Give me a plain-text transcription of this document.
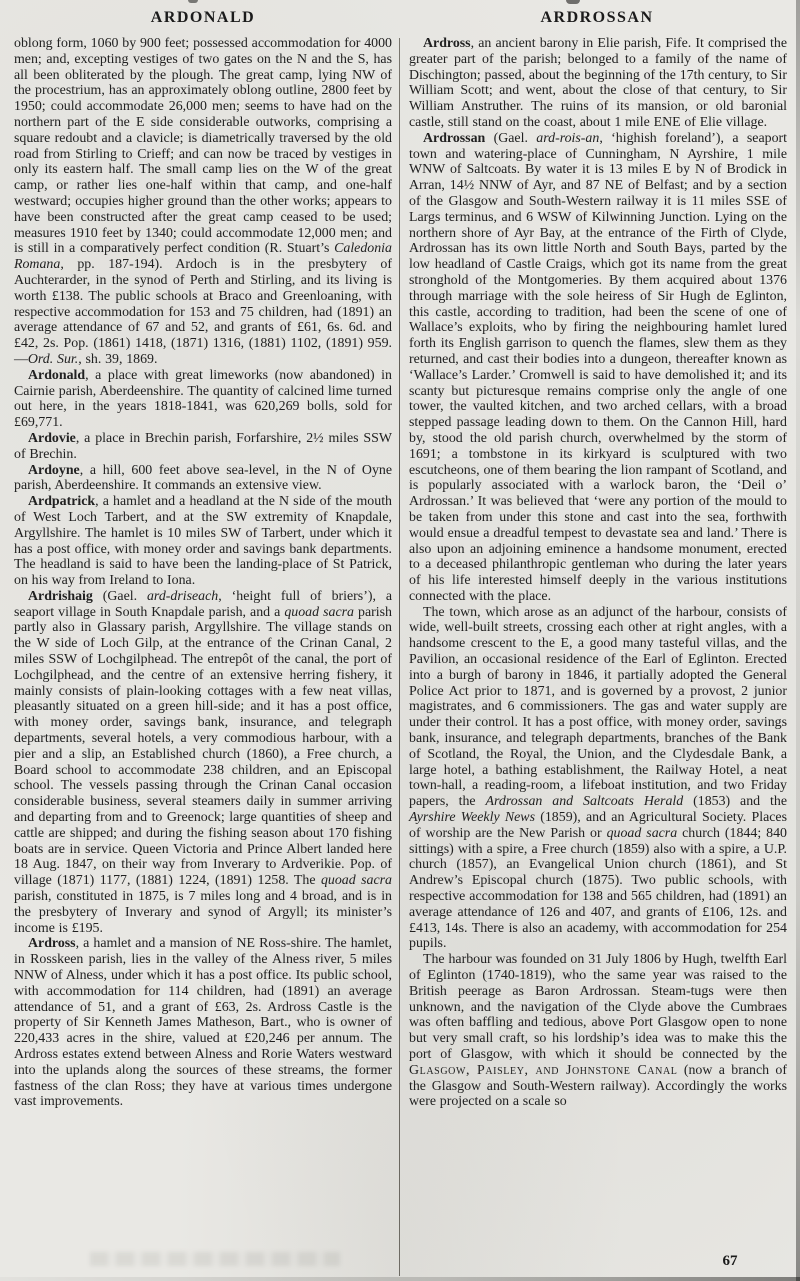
ARDONALD	ARDROSSAN

oblong form, 1060 by 900 feet; possessed accommodation for 4000 men; and, excepting vestiges of two gates on the N and the S, has all been obliterated by the plough. The great camp, lying NW of the procestrium, has an approximately oblong outline, 2800 feet by 1950; could accommodate 26,000 men; seems to have had on the northern part of the E side considerable outworks, comprising a square redoubt and a clavicle; is diametrically traversed by the old road from Stirling to Crieff; and can now be traced by vestiges in only its eastern half. The small camp lies on the W of the great camp, or rather lies one-half within that camp, and one-half westward; occupies higher ground than the other works; appears to have been constructed after the great camp ceased to be used; measures 1910 feet by 1340; could accommodate 12,000 men; and is still in a comparatively perfect condition (R. Stuart’s Caledonia Romana, pp. 187-194). Ardoch is in the presbytery of Auchterarder, in the synod of Perth and Stirling, and its living is worth £138. The public schools at Braco and Greenloaning, with respective accommodation for 153 and 75 children, had (1891) an average attendance of 67 and 52, and grants of £61, 6s. 6d. and £42, 2s. Pop. (1861) 1418, (1871) 1316, (1881) 1102, (1891) 959.—Ord. Sur., sh. 39, 1869.

Ardonald, a place with great limeworks (now abandoned) in Cairnie parish, Aberdeenshire. The quantity of calcined lime turned out here, in the years 1818-1841, was 620,269 bolls, sold for £69,771.

Ardovie, a place in Brechin parish, Forfarshire, 2½ miles SSW of Brechin.

Ardoyne, a hill, 600 feet above sea-level, in the N of Oyne parish, Aberdeenshire. It commands an extensive view.

Ardpatrick, a hamlet and a headland at the N side of the mouth of West Loch Tarbert, and at the SW extremity of Knapdale, Argyllshire. The hamlet is 10 miles SW of Tarbert, under which it has a post office, with money order and savings bank departments. The headland is said to have been the landing-place of St Patrick, on his way from Ireland to Iona.

Ardrishaig (Gael. ard-driseach, ‘height full of briers’), a seaport village in South Knapdale parish, and a quoad sacra parish partly also in Glassary parish, Argyllshire. The village stands on the W side of Loch Gilp, at the entrance of the Crinan Canal, 2 miles SSW of Lochgilphead. The entrepôt of the canal, the port of Lochgilphead, and the centre of an extensive herring fishery, it mainly consists of plain-looking cottages with a few neat villas, pleasantly situated on a green hill-side; and it has a post office, with money order, savings bank, insurance, and telegraph departments, several hotels, a very commodious harbour, with a pier and a slip, an Established church (1860), a Free church, a Board school to accommodate 238 children, and an Episcopal school. The vessels passing through the Crinan Canal occasion considerable business, several steamers daily in summer arriving and departing from and to Greenock; large quantities of sheep and cattle are shipped; and during the fishing season about 170 fishing boats are in service. Queen Victoria and Prince Albert landed here 18 Aug. 1847, on their way from Inverary to Ardverikie. Pop. of village (1871) 1177, (1881) 1224, (1891) 1258. The quoad sacra parish, constituted in 1875, is 7 miles long and 4 broad, and is in the presbytery of Inverary and synod of Argyll; its minister’s income is £195.

Ardross, a hamlet and a mansion of NE Ross-shire. The hamlet, in Rosskeen parish, lies in the valley of the Alness river, 5 miles NNW of Alness, under which it has a post office. Its public school, with accommodation for 114 children, had (1891) an average attendance of 51, and a grant of £63, 2s. Ardross Castle is the property of Sir Kenneth James Matheson, Bart., who is owner of 220,433 acres in the shire, valued at £20,246 per annum. The Ardross estates extend between Alness and Rorie Waters westward into the uplands along the sources of these streams, the former fastness of the clan Ross; they have at various times undergone vast improvements.

Ardross, an ancient barony in Elie parish, Fife. It comprised the greater part of the parish; belonged to a family of the name of Dischington; passed, about the beginning of the 17th century, to Sir William Scott; and went, about the close of that century, to Sir William Anstruther. The ruins of its mansion, or old baronial castle, still stand on the coast, about 1 mile ENE of Elie village.

Ardrossan (Gael. ard-rois-an, ‘highish foreland’), a seaport town and watering-place of Cunningham, N Ayrshire, 1 mile WNW of Saltcoats. By water it is 13 miles E by N of Brodick in Arran, 14½ NNW of Ayr, and 87 NE of Belfast; and by a section of the Glasgow and South-Western railway it is 11 miles SSE of Largs terminus, and 6 WSW of Kilwinning Junction. Lying on the northern shore of Ayr Bay, at the entrance of the Firth of Clyde, Ardrossan has its own little North and South Bays, parted by the low headland of Castle Craigs, which got its name from the great stronghold of the Montgomeries. By them acquired about 1376 through marriage with the sole heiress of Sir Hugh de Eglinton, this castle, according to tradition, had been the scene of one of Wallace’s exploits, who by firing the neighbouring hamlet lured forth its English garrison to quench the flames, slew them as they returned, and cast their bodies into a dungeon, thereafter known as ‘Wallace’s Larder.’ Cromwell is said to have demolished it; and its scanty but picturesque remains comprise only the angle of one tower, the vaulted kitchen, and two arched cellars, with a broad stepped passage leading down to them. On the Cannon Hill, hard by, stood the old parish church, overwhelmed by the storm of 1691; a tombstone in its kirkyard is sculptured with two escutcheons, one of them bearing the lion rampant of Scotland, and is popularly associated with a warlock baron, the ‘Deil o’ Ardrossan.’ It was believed that ‘were any portion of the mould to be taken from under this stone and cast into the sea, forthwith would ensue a dreadful tempest to devastate sea and land.’ There is also upon an adjoining eminence a handsome monument, erected to a deceased philanthropic gentleman who during the later years of his life interested himself deeply in the various institutions connected with the place.

The town, which arose as an adjunct of the harbour, consists of wide, well-built streets, crossing each other at right angles, with a handsome crescent to the E, a good many tasteful villas, and the Pavilion, an occasional residence of the Earl of Eglinton. Erected into a burgh of barony in 1846, it partially adopted the General Police Act prior to 1871, and is governed by a provost, 2 junior magistrates, and 6 commissioners. The gas and water supply are under their control. It has a post office, with money order, savings bank, insurance, and telegraph departments, branches of the Bank of Scotland, the Royal, the Union, and the Clydesdale Bank, a large hotel, a bathing establishment, the Railway Hotel, a neat town-hall, a reading-room, a lifeboat institution, and two Friday papers, the Ardrossan and Saltcoats Herald (1853) and the Ayrshire Weekly News (1859), and an Agricultural Society. Places of worship are the New Parish or quoad sacra church (1844; 840 sittings) with a spire, a Free church (1859) also with a spire, a U.P. church (1857), an Evangelical Union church (1861), and St Andrew’s Episcopal church (1875). Two public schools, with respective accommodation for 138 and 565 children, had (1891) an average attendance of 126 and 407, and grants of £106, 12s. and £413, 14s. There is also an academy, with accommodation for 254 pupils.

The harbour was founded on 31 July 1806 by Hugh, twelfth Earl of Eglinton (1740-1819), who the same year was raised to the British peerage as Baron Ardrossan. Steam-tugs were then unknown, and the navigation of the Clyde above the Cumbraes was often baffling and tedious, above Port Glasgow open to none but very small craft, so his lordship’s idea was to make this the port of Glasgow, with which it should be connected by the Glasgow, Paisley, and Johnstone Canal (now a branch of the Glasgow and South-Western railway). Accordingly the works were projected on a scale so

67
